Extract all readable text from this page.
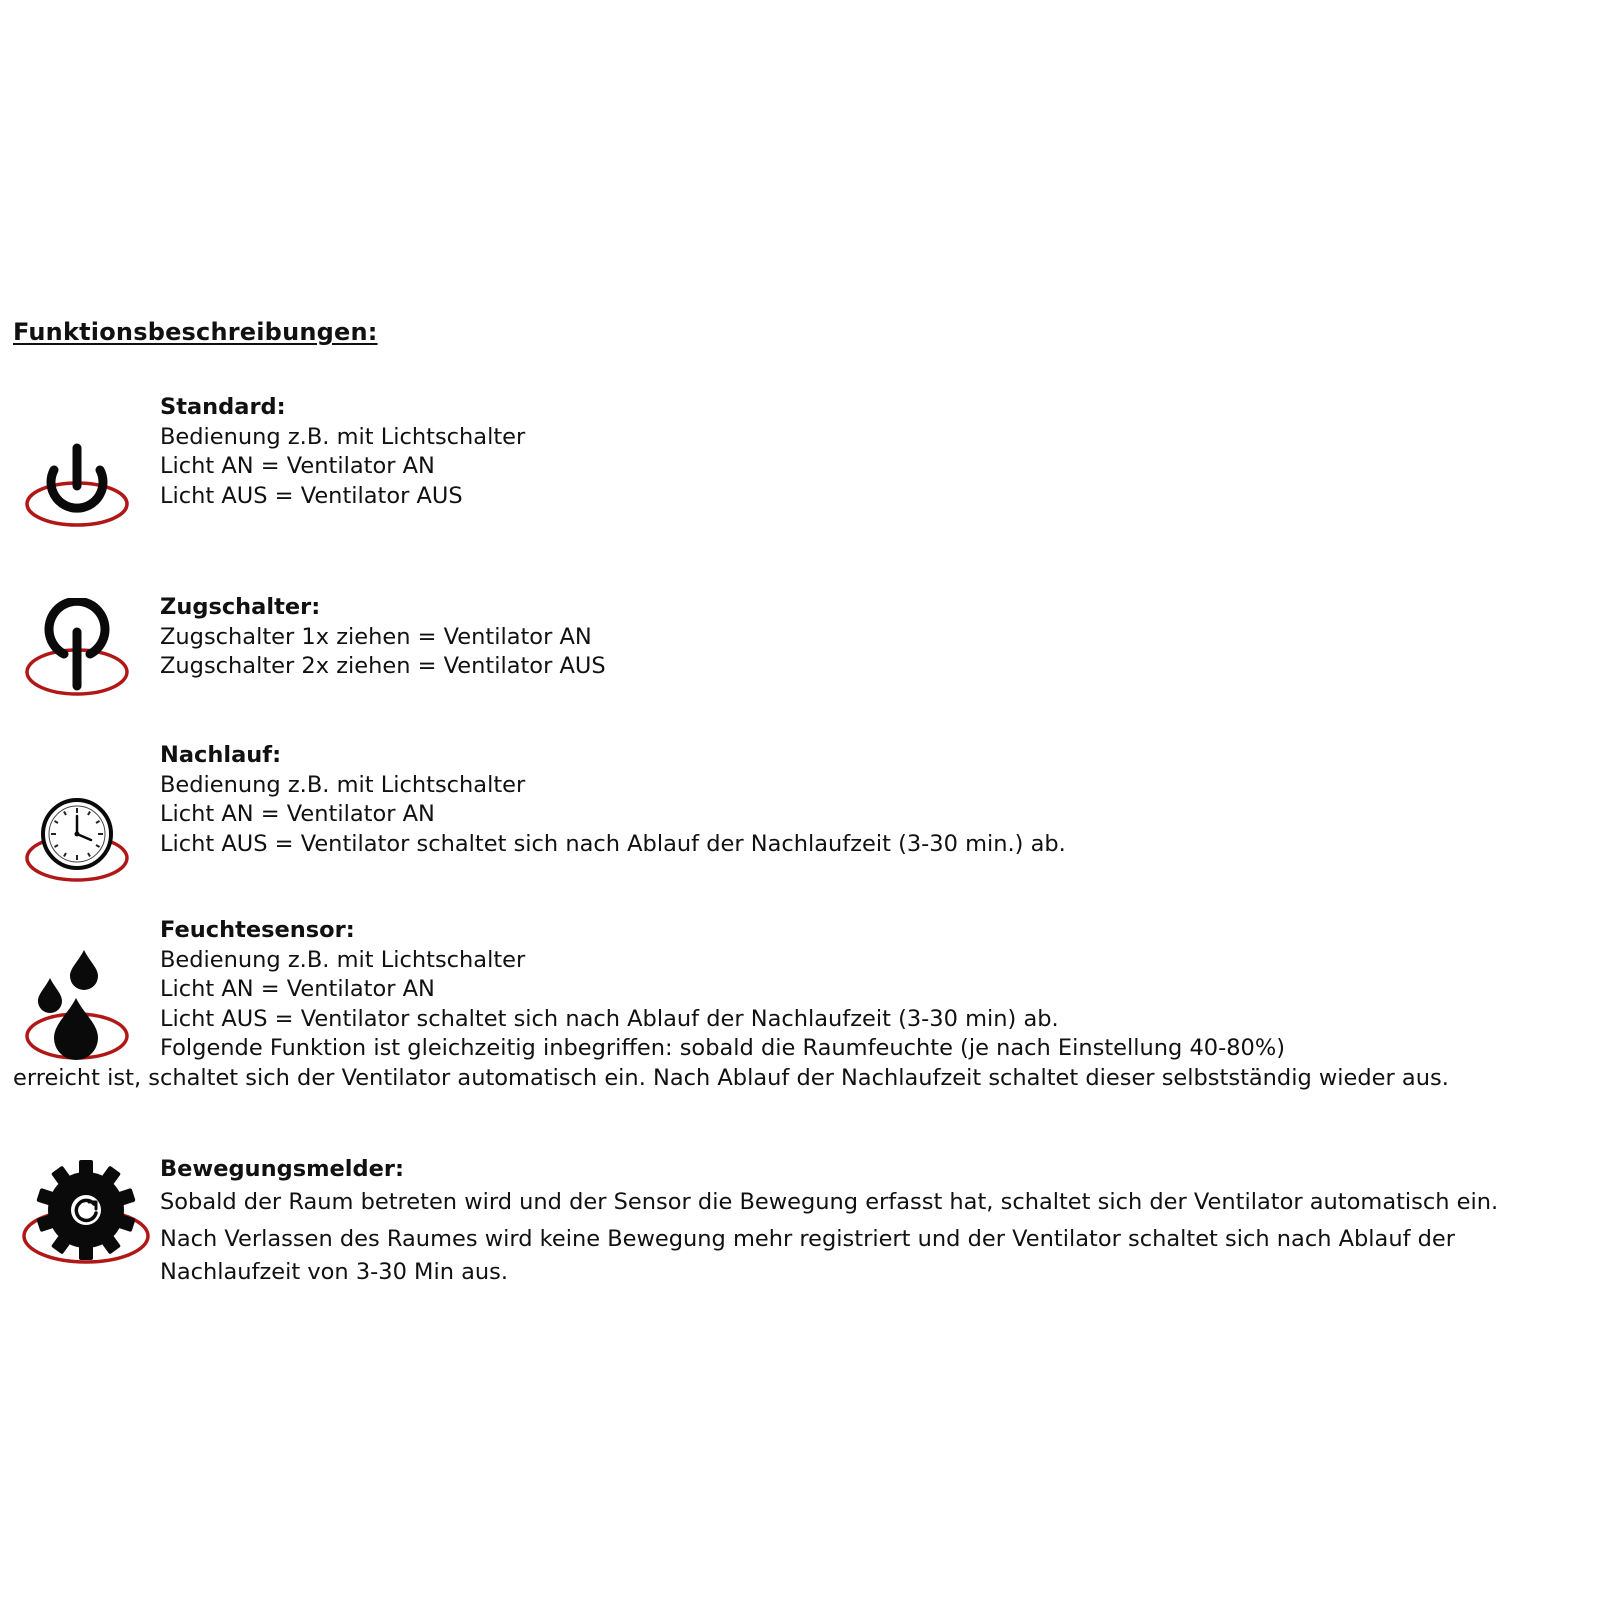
Funktionsbeschreibungen:
Standard:
Bedienung z.B. mit Lichtschalter
Licht AN = Ventilator AN
Licht AUS = Ventilator AUS
Zugschalter:
Zugschalter 1x ziehen = Ventilator AN
Zugschalter 2x ziehen = Ventilator AUS
Nachlauf:
Bedienung z.B. mit Lichtschalter
Licht AN = Ventilator AN
Licht AUS = Ventilator schaltet sich nach Ablauf der Nachlaufzeit (3-30 min.) ab.
Feuchtesensor:
Bedienung z.B. mit Lichtschalter
Licht AN = Ventilator AN
Licht AUS = Ventilator schaltet sich nach Ablauf der Nachlaufzeit (3-30 min) ab.
Folgende Funktion ist gleichzeitig inbegriffen: sobald die Raumfeuchte (je nach Einstellung 40-80%)
erreicht ist, schaltet sich der Ventilator automatisch ein. Nach Ablauf der Nachlaufzeit schaltet dieser selbstständig wieder aus.
Bewegungsmelder:
Sobald der Raum betreten wird und der Sensor die Bewegung erfasst hat, schaltet sich der Ventilator automatisch ein.
Nach Verlassen des Raumes wird keine Bewegung mehr registriert und der Ventilator schaltet sich nach Ablauf der
Nachlaufzeit von 3-30 Min aus.
